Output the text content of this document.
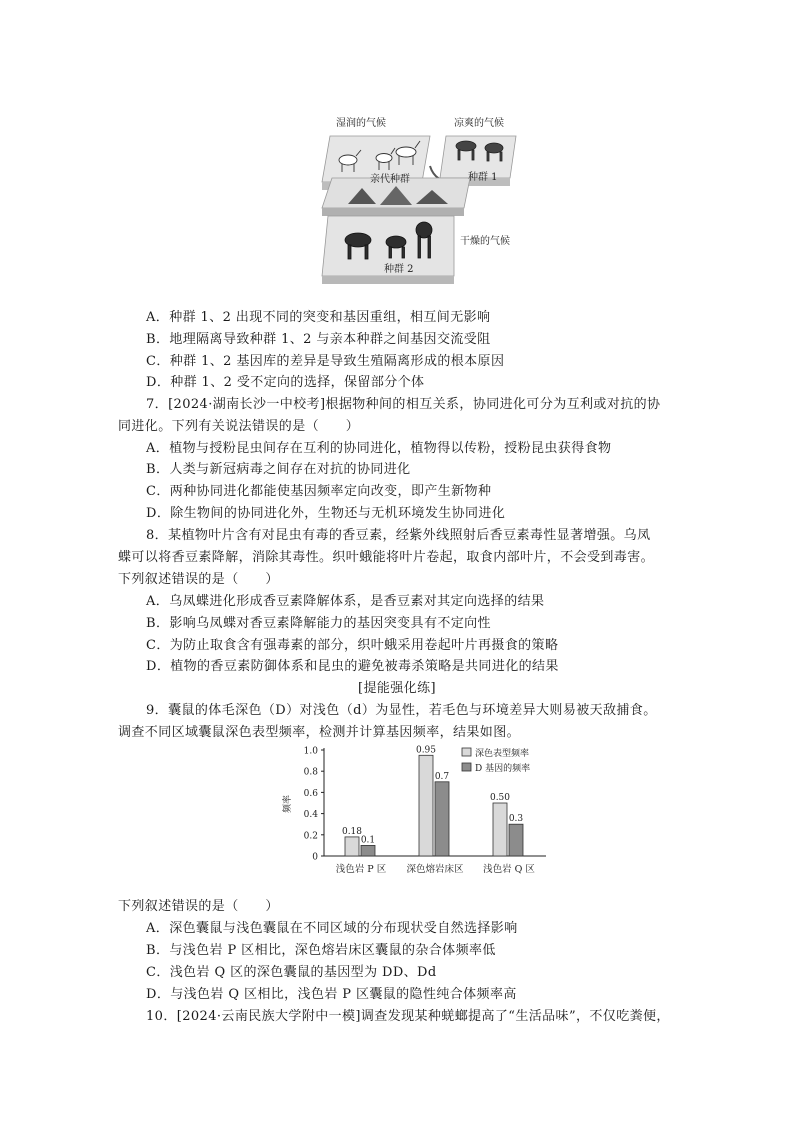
湿润的气候	凉爽的气候
亲代种群	种群 1
干燥的气候
种群 2
A．种群 1、2 出现不同的突变和基因重组，相互间无影响
B．地理隔离导致种群 1、2 与亲本种群之间基因交流受阻
C．种群 1、2 基因库的差异是导致生殖隔离形成的根本原因
D．种群 1、2 受不定向的选择，保留部分个体
7．[2024·湖南长沙一中校考]根据物种间的相互关系，协同进化可分为互利或对抗的协
同进化。下列有关说法错误的是（　　）
A．植物与授粉昆虫间存在互利的协同进化，植物得以传粉，授粉昆虫获得食物
B．人类与新冠病毒之间存在对抗的协同进化
C．两种协同进化都能使基因频率定向改变，即产生新物种
D．除生物间的协同进化外，生物还与无机环境发生协同进化
8．某植物叶片含有对昆虫有毒的香豆素，经紫外线照射后香豆素毒性显著增强。乌凤
蝶可以将香豆素降解，消除其毒性。织叶蛾能将叶片卷起，取食内部叶片，不会受到毒害。
下列叙述错误的是（　　）
A．乌凤蝶进化形成香豆素降解体系，是香豆素对其定向选择的结果
B．影响乌凤蝶对香豆素降解能力的基因突变具有不定向性
C．为防止取食含有强毒素的部分，织叶蛾采用卷起叶片再摄食的策略
D．植物的香豆素防御体系和昆虫的避免被毒杀策略是共同进化的结果
[提能强化练]
9．囊鼠的体毛深色（D）对浅色（d）为显性，若毛色与环境差异大则易被天敌捕食。
调查不同区域囊鼠深色表型频率，检测并计算基因频率，结果如图。
0
0.2
0.4
0.6
0.8
1.0
频率
0.18
0.1
浅色岩 P 区
0.95
0.7
深色熔岩床区
0.50
0.3
浅色岩 Q 区
深色表型频率
D 基因的频率
下列叙述错误的是（　　）
A．深色囊鼠与浅色囊鼠在不同区域的分布现状受自然选择影响
B．与浅色岩 P 区相比，深色熔岩床区囊鼠的杂合体频率低
C．浅色岩 Q 区的深色囊鼠的基因型为 DD、Dd
D．与浅色岩 Q 区相比，浅色岩 P 区囊鼠的隐性纯合体频率高
10．[2024·云南民族大学附中一模]调查发现某种蜣螂提高了“生活品味”，不仅吃粪便，
